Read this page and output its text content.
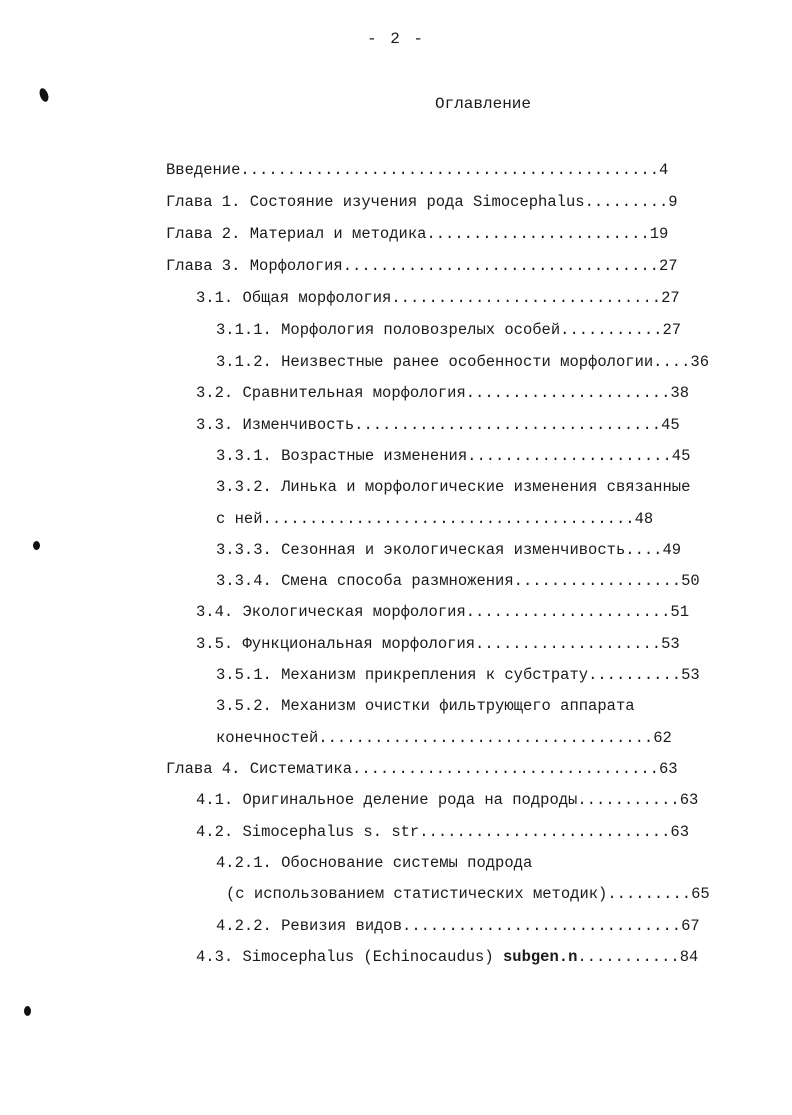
- 2 -
Оглавление
Введение.............................................4
Глава 1. Состояние изучения рода Simocephalus.........9
Глава 2. Материал и методика........................19
Глава 3. Морфология..................................27
3.1. Общая морфология.............................27
3.1.1. Морфология половозрелых особей...........27
3.1.2. Неизвестные ранее особенности морфологии....36
3.2. Сравнительная морфология......................38
3.3. Изменчивость.................................45
3.3.1. Возрастные изменения......................45
3.3.2. Линька и морфологические изменения связанные
с ней........................................48
3.3.3. Сезонная и экологическая изменчивость....49
3.3.4. Смена способа размножения..................50
3.4. Экологическая морфология......................51
3.5. Функциональная морфология....................53
3.5.1. Механизм прикрепления к субстрату..........53
3.5.2. Механизм очистки фильтрующего аппарата
конечностей....................................62
Глава 4. Систематика.................................63
4.1. Оригинальное деление рода на подроды...........63
4.2. Simocephalus s. str...........................63
4.2.1. Обоснование системы подрода
(с использованием статистических методик).........65
4.2.2. Ревизия видов..............................67
4.3. Simocephalus (Echinocaudus) subgen.n...........84
